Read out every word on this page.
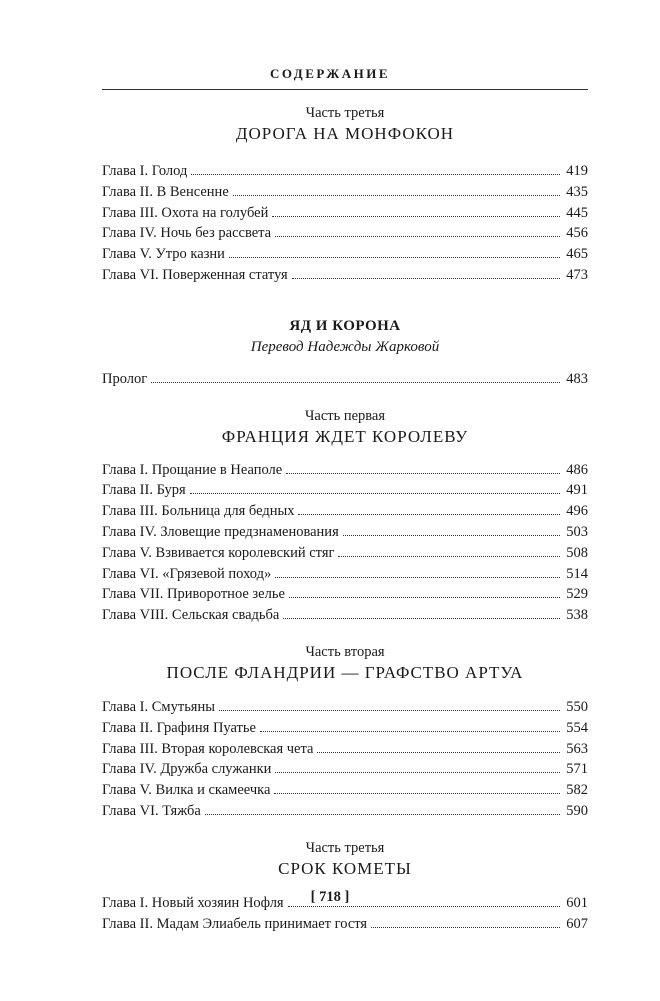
СОДЕРЖАНИЕ
Часть третья
ДОРОГА НА МОНФОКОН
Глава I. Голод	419
Глава II. В Венсенне	435
Глава III. Охота на голубей	445
Глава IV. Ночь без рассвета	456
Глава V. Утро казни	465
Глава VI. Поверженная статуя	473
ЯД И КОРОНА
Перевод Надежды Жарковой
Пролог	483
Часть первая
ФРАНЦИЯ ЖДЕТ КОРОЛЕВУ
Глава I. Прощание в Неаполе	486
Глава II. Буря	491
Глава III. Больница для бедных	496
Глава IV. Зловещие предзнаменования	503
Глава V. Взвивается королевский стяг	508
Глава VI. «Грязевой поход»	514
Глава VII. Приворотное зелье	529
Глава VIII. Сельская свадьба	538
Часть вторая
ПОСЛЕ ФЛАНДРИИ — ГРАФСТВО АРТУА
Глава I. Смутьяны	550
Глава II. Графиня Пуатье	554
Глава III. Вторая королевская чета	563
Глава IV. Дружба служанки	571
Глава V. Вилка и скамеечка	582
Глава VI. Тяжба	590
Часть третья
СРОК КОМЕТЫ
Глава I. Новый хозяин Нофля	601
Глава II. Мадам Элиабель принимает гостя	607
[ 718 ]
